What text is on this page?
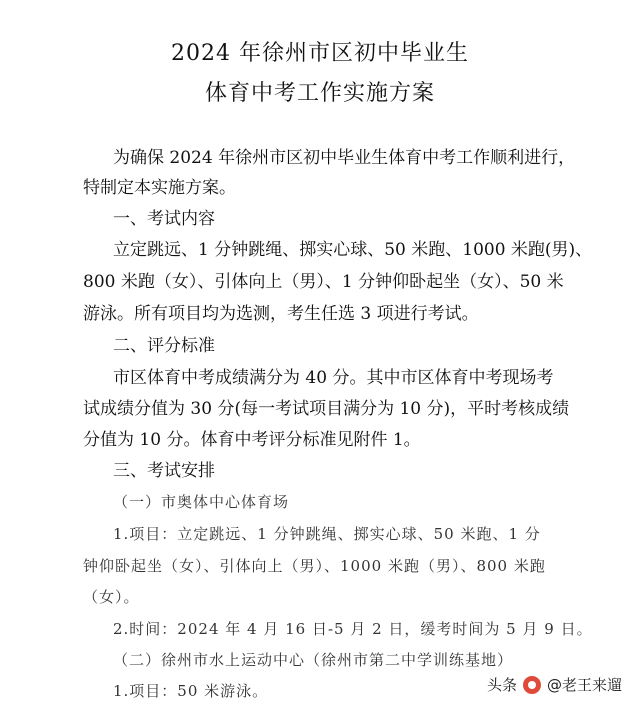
2024 年徐州市区初中毕业生
体育中考工作实施方案

为确保 2024 年徐州市区初中毕业生体育中考工作顺利进行，

特制定本实施方案。

一、考试内容

立定跳远、1 分钟跳绳、掷实心球、50 米跑、1000 米跑(男)、

800 米跑（女）、引体向上（男）、1 分钟仰卧起坐（女）、50 米

游泳。所有项目均为选测，考生任选 3 项进行考试。

二、评分标准

市区体育中考成绩满分为 40 分。其中市区体育中考现场考

试成绩分值为 30 分(每一考试项目满分为 10 分)，平时考核成绩

分值为 10 分。体育中考评分标准见附件 1。

三、考试安排

（一）市奥体中心体育场

1.项目：立定跳远、1 分钟跳绳、掷实心球、50 米跑、1 分

钟仰卧起坐（女）、引体向上（男）、1000 米跑（男）、800 米跑

（女）。

2.时间：2024 年 4 月 16 日-5 月 2 日，缓考时间为 5 月 9 日。

（二）徐州市水上运动中心（徐州市第二中学训练基地）

1.项目：50 米游泳。	头条 @老王来遛
